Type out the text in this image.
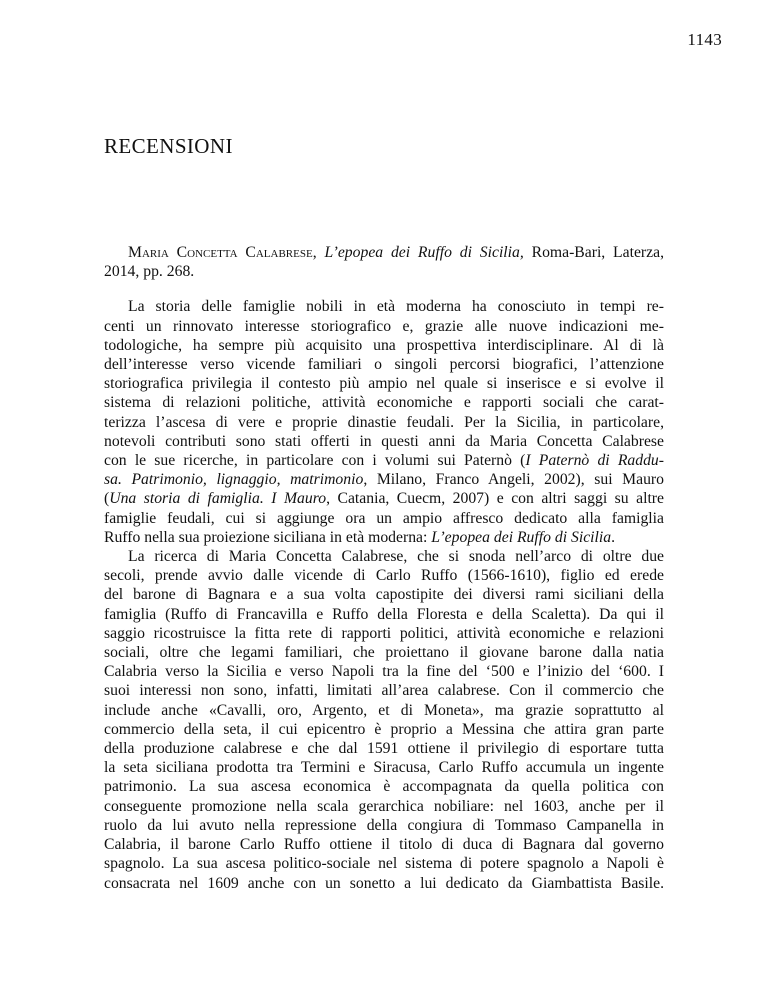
1143
RECENSIONI

Maria Concetta Calabrese, L’epopea dei Ruffo di Sicilia, Roma-Bari, Laterza, 2014, pp. 268.

La storia delle famiglie nobili in età moderna ha conosciuto in tempi re-
centi un rinnovato interesse storiografico e, grazie alle nuove indicazioni me-
todologiche, ha sempre più acquisito una prospettiva interdisciplinare. Al di là
dell’interesse verso vicende familiari o singoli percorsi biografici, l’attenzione
storiografica privilegia il contesto più ampio nel quale si inserisce e si evolve il
sistema di relazioni politiche, attività economiche e rapporti sociali che carat-
terizza l’ascesa di vere e proprie dinastie feudali. Per la Sicilia, in particolare,
notevoli contributi sono stati offerti in questi anni da Maria Concetta Calabrese
con le sue ricerche, in particolare con i volumi sui Paternò (I Paternò di Raddu-
sa. Patrimonio, lignaggio, matrimonio, Milano, Franco Angeli, 2002), sui Mauro
(Una storia di famiglia. I Mauro, Catania, Cuecm, 2007) e con altri saggi su altre
famiglie feudali, cui si aggiunge ora un ampio affresco dedicato alla famiglia
Ruffo nella sua proiezione siciliana in età moderna: L’epopea dei Ruffo di Sicilia.
La ricerca di Maria Concetta Calabrese, che si snoda nell’arco di oltre due
secoli, prende avvio dalle vicende di Carlo Ruffo (1566-1610), figlio ed erede
del barone di Bagnara e a sua volta capostipite dei diversi rami siciliani della
famiglia (Ruffo di Francavilla e Ruffo della Floresta e della Scaletta). Da qui il
saggio ricostruisce la fitta rete di rapporti politici, attività economiche e relazioni
sociali, oltre che legami familiari, che proiettano il giovane barone dalla natia
Calabria verso la Sicilia e verso Napoli tra la fine del ‘500 e l’inizio del ‘600. I
suoi interessi non sono, infatti, limitati all’area calabrese. Con il commercio che
include anche «Cavalli, oro, Argento, et di Moneta», ma grazie soprattutto al
commercio della seta, il cui epicentro è proprio a Messina che attira gran parte
della produzione calabrese e che dal 1591 ottiene il privilegio di esportare tutta
la seta siciliana prodotta tra Termini e Siracusa, Carlo Ruffo accumula un ingente
patrimonio. La sua ascesa economica è accompagnata da quella politica con
conseguente promozione nella scala gerarchica nobiliare: nel 1603, anche per il
ruolo da lui avuto nella repressione della congiura di Tommaso Campanella in
Calabria, il barone Carlo Ruffo ottiene il titolo di duca di Bagnara dal governo
spagnolo. La sua ascesa politico-sociale nel sistema di potere spagnolo a Napoli è
consacrata nel 1609 anche con un sonetto a lui dedicato da Giambattista Basile.
